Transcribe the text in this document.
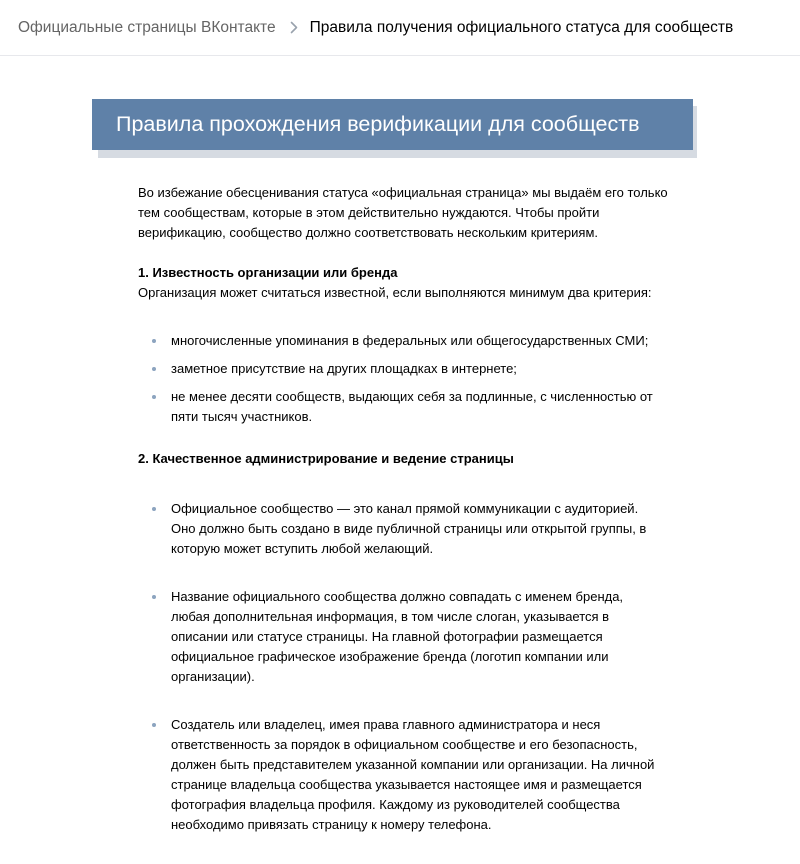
Официальные страницы ВКонтакте Правила получения официального статуса для сообществ
Правила прохождения верификации для сообществ

Во избежание обесценивания статуса «официальная страница» мы выдаём его только тем сообществам, которые в этом действительно нуждаются. Чтобы пройти верификацию, сообщество должно соответствовать нескольким критериям.

1. Известность организации или бренда

Организация может считаться известной, если выполняются минимум два критерия:

многочисленные упоминания в федеральных или общегосударственных СМИ;
заметное присутствие на других площадках в интернете;
не менее десяти сообществ, выдающих себя за подлинные, с численностью от пяти тысяч участников.

2. Качественное администрирование и ведение страницы

Официальное сообщество — это канал прямой коммуникации с аудиторией. Оно должно быть создано в виде публичной страницы или открытой группы, в которую может вступить любой желающий.
Название официального сообщества должно совпадать с именем бренда, любая дополнительная информация, в том числе слоган, указывается в описании или статусе страницы. На главной фотографии размещается официальное графическое изображение бренда (логотип компании или организации).
Создатель или владелец, имея права главного администратора и неся ответственность за порядок в официальном сообществе и его безопасность, должен быть представителем указанной компании или организации. На личной странице владельца сообщества указывается настоящее имя и размещается фотография владельца профиля. Каждому из руководителей сообщества необходимо привязать страницу к номеру телефона.
